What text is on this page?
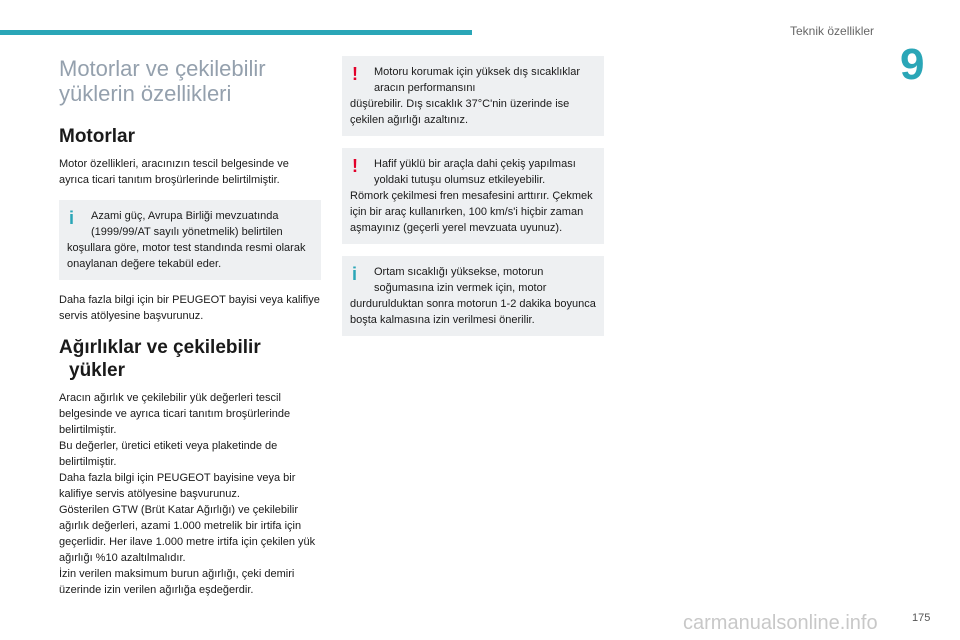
Teknik özellikler
9
Motorlar ve çekilebilir
yüklerin özellikleri
Motorlar

Motor özellikleri, aracınızın tescil belgesinde ve ayrıca ticari tanıtım broşürlerinde belirtilmiştir.

i	Azami güç, Avrupa Birliği mevzuatında (1999/99/AT sayılı yönetmelik) belirtilen
koşullara göre, motor test standında resmi olarak onaylanan değere tekabül eder.

Daha fazla bilgi için bir PEUGEOT bayisi veya kalifiye servis atölyesine başvurunuz.

Ağırlıklar ve çekilebilir
yükler

Aracın ağırlık ve çekilebilir yük değerleri tescil belgesinde ve ayrıca ticari tanıtım broşürlerinde belirtilmiştir.

Bu değerler, üretici etiketi veya plaketinde de belirtilmiştir.

Daha fazla bilgi için PEUGEOT bayisine veya bir kalifiye servis atölyesine başvurunuz.

Gösterilen GTW (Brüt Katar Ağırlığı) ve çekilebilir ağırlık değerleri, azami 1.000 metrelik bir irtifa için geçerlidir. Her ilave 1.000 metre irtifa için çekilen yük ağırlığı %10 azaltılmalıdır.

İzin verilen maksimum burun ağırlığı, çeki demiri üzerinde izin verilen ağırlığa eşdeğerdir.

!	Motoru korumak için yüksek dış sıcaklıklar aracın performansını
düşürebilir. Dış sıcaklık 37°C'nin üzerinde ise çekilen ağırlığı azaltınız.
!	Hafif yüklü bir araçla dahi çekiş yapılması yoldaki tutuşu olumsuz etkileyebilir.
Römork çekilmesi fren mesafesini arttırır. Çekmek için bir araç kullanırken, 100 km/s'i hiçbir zaman aşmayınız (geçerli yerel mevzuata uyunuz).
i	Ortam sıcaklığı yüksekse, motorun soğumasına izin vermek için, motor
durdurulduktan sonra motorun 1-2 dakika boyunca boşta kalmasına izin verilmesi önerilir.
carmanualsonline.info	175
